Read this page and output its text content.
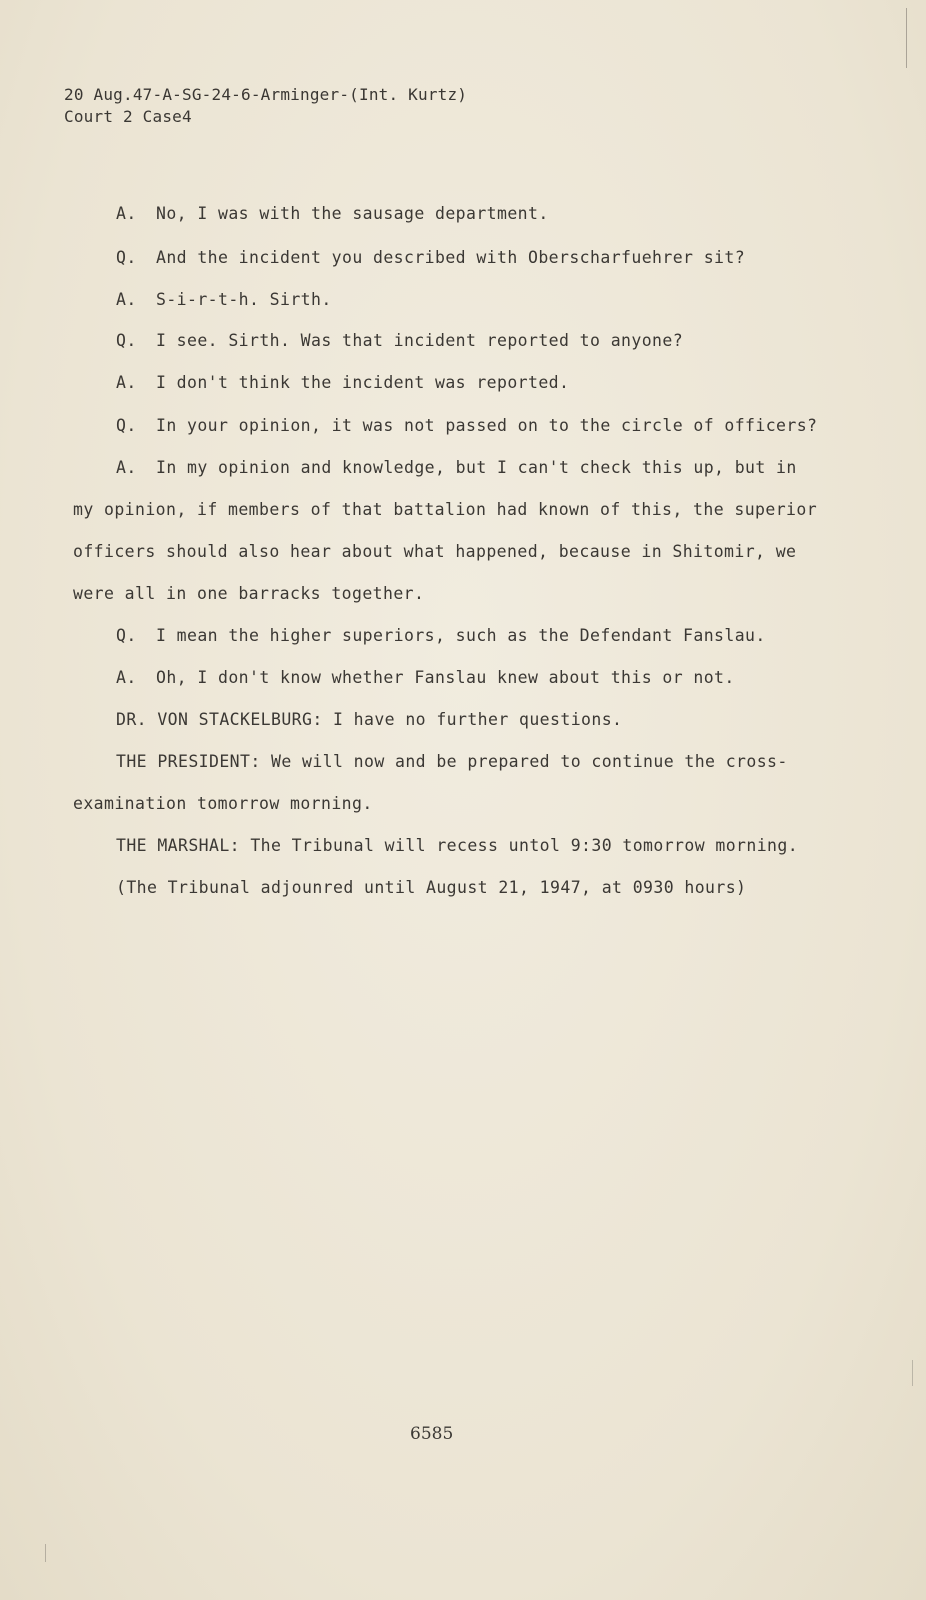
20 Aug.47-A-SG-24-6-Arminger-(Int. Kurtz)
Court 2 Case4
A. No, I was with the sausage department.
Q. And the incident you described with Oberscharfuehrer sit?
A. S-i-r-t-h. Sirth.
Q. I see. Sirth. Was that incident reported to anyone?
A. I don't think the incident was reported.
Q. In your opinion, it was not passed on to the circle of officers?
A. In my opinion and knowledge, but I can't check this up, but in
my opinion, if members of that battalion had known of this, the superior
officers should also hear about what happened, because in Shitomir, we
were all in one barracks together.
Q. I mean the higher superiors, such as the Defendant Fanslau.
A. Oh, I don't know whether Fanslau knew about this or not.
DR. VON STACKELBURG: I have no further questions.
THE PRESIDENT: We will now and be prepared to continue the cross-
examination tomorrow morning.
THE MARSHAL: The Tribunal will recess untol 9:30 tomorrow morning.
(The Tribunal adjounred until August 21, 1947, at 0930 hours)
6585
